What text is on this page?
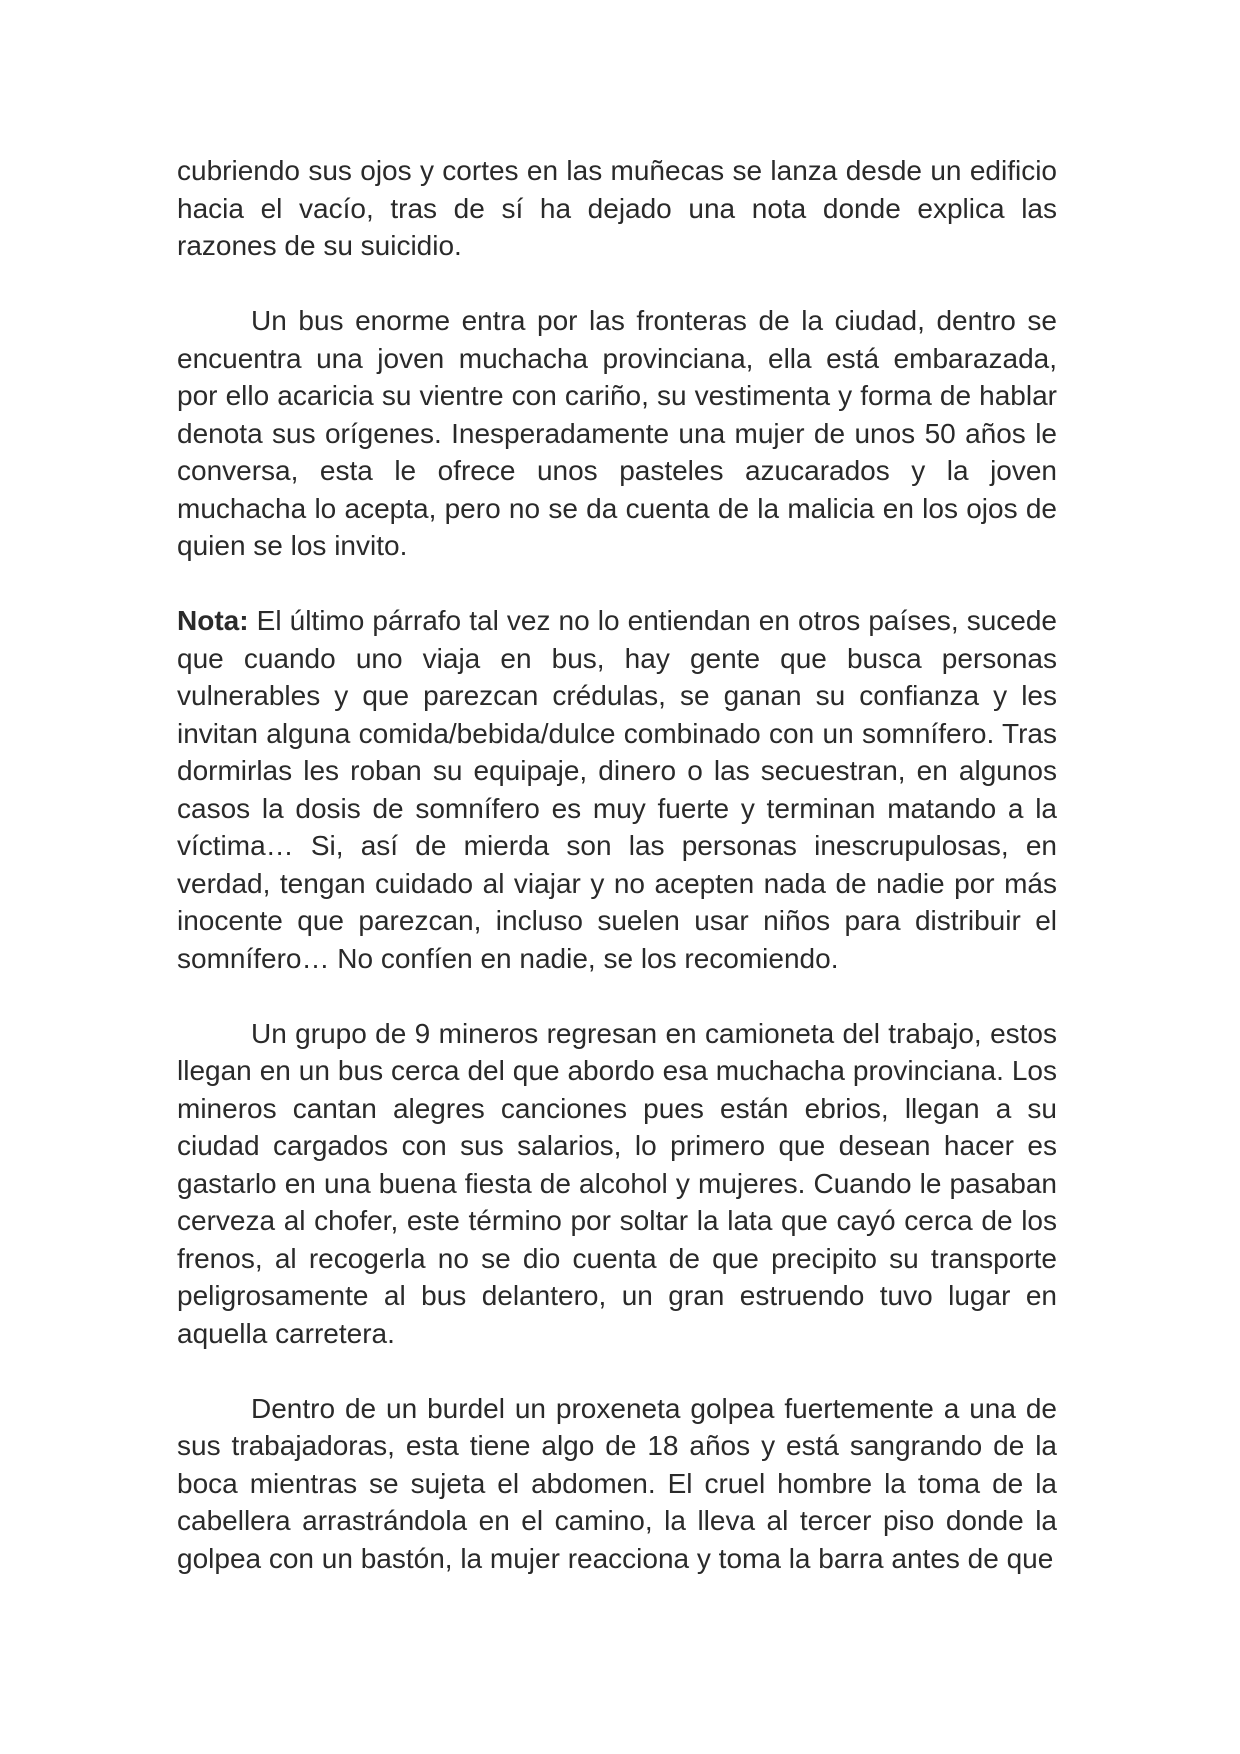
cubriendo sus ojos y cortes en las muñecas se lanza desde un edificio hacia el vacío, tras de sí ha dejado una nota donde explica las razones de su suicidio.

Un bus enorme entra por las fronteras de la ciudad, dentro se encuentra una joven muchacha provinciana, ella está embarazada, por ello acaricia su vientre con cariño, su vestimenta y forma de hablar denota sus orígenes. Inesperadamente una mujer de unos 50 años le conversa, esta le ofrece unos pasteles azucarados y la joven muchacha lo acepta, pero no se da cuenta de la malicia en los ojos de quien se los invito.

Nota: El último párrafo tal vez no lo entiendan en otros países, sucede que cuando uno viaja en bus, hay gente que busca personas vulnerables y que parezcan crédulas, se ganan su confianza y les invitan alguna comida/bebida/dulce combinado con un somnífero. Tras dormirlas les roban su equipaje, dinero o las secuestran, en algunos casos la dosis de somnífero es muy fuerte y terminan matando a la víctima… Si, así de mierda son las personas inescrupulosas, en verdad, tengan cuidado al viajar y no acepten nada de nadie por más inocente que parezcan, incluso suelen usar niños para distribuir el somnífero… No confíen en nadie, se los recomiendo.

Un grupo de 9 mineros regresan en camioneta del trabajo, estos llegan en un bus cerca del que abordo esa muchacha provinciana. Los mineros cantan alegres canciones pues están ebrios, llegan a su ciudad cargados con sus salarios, lo primero que desean hacer es gastarlo en una buena fiesta de alcohol y mujeres. Cuando le pasaban cerveza al chofer, este término por soltar la lata que cayó cerca de los frenos, al recogerla no se dio cuenta de que precipito su transporte peligrosamente al bus delantero, un gran estruendo tuvo lugar en aquella carretera.

Dentro de un burdel un proxeneta golpea fuertemente a una de sus trabajadoras, esta tiene algo de 18 años y está sangrando de la boca mientras se sujeta el abdomen. El cruel hombre la toma de la cabellera arrastrándola en el camino, la lleva al tercer piso donde la golpea con un bastón, la mujer reacciona y toma la barra antes de que
